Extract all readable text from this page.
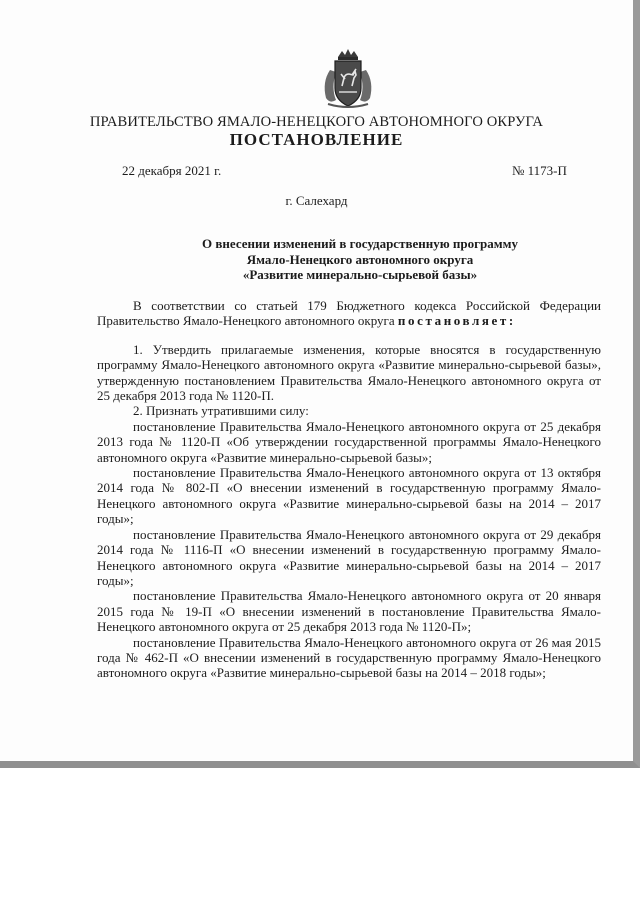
ПРАВИТЕЛЬСТВО ЯМАЛО-НЕНЕЦКОГО АВТОНОМНОГО ОКРУГА
ПОСТАНОВЛЕНИЕ
22 декабря 2021 г.	№ 1173-П
г. Салехард
О внесении изменений в государственную программу
Ямало-Ненецкого автономного округа
«Развитие минерально-сырьевой базы»

В соответствии со статьей 179 Бюджетного кодекса Российской Федерации Правительство Ямало-Ненецкого автономного округа постановляет:

1. Утвердить прилагаемые изменения, которые вносятся в государственную программу Ямало-Ненецкого автономного округа «Развитие минерально-сырьевой базы», утвержденную постановлением Правительства Ямало-Ненецкого автономного округа от 25 декабря 2013 года № 1120-П.

2. Признать утратившими силу:

постановление Правительства Ямало-Ненецкого автономного округа от 25 декабря 2013 года № 1120-П «Об утверждении государственной программы Ямало-Ненецкого автономного округа «Развитие минерально-сырьевой базы»;

постановление Правительства Ямало-Ненецкого автономного округа от 13 октября 2014 года № 802-П «О внесении изменений в государственную программу Ямало-Ненецкого автономного округа «Развитие минерально-сырьевой базы на 2014 – 2017 годы»;

постановление Правительства Ямало-Ненецкого автономного округа от 29 декабря 2014 года № 1116-П «О внесении изменений в государственную программу Ямало-Ненецкого автономного округа «Развитие минерально-сырьевой базы на 2014 – 2017 годы»;

постановление Правительства Ямало-Ненецкого автономного округа от 20 января 2015 года № 19-П «О внесении изменений в постановление Правительства Ямало-Ненецкого автономного округа от 25 декабря 2013 года № 1120-П»;

постановление Правительства Ямало-Ненецкого автономного округа от 26 мая 2015 года № 462-П «О внесении изменений в государственную программу Ямало-Ненецкого автономного округа «Развитие минерально-сырьевой базы на 2014 – 2018 годы»;
